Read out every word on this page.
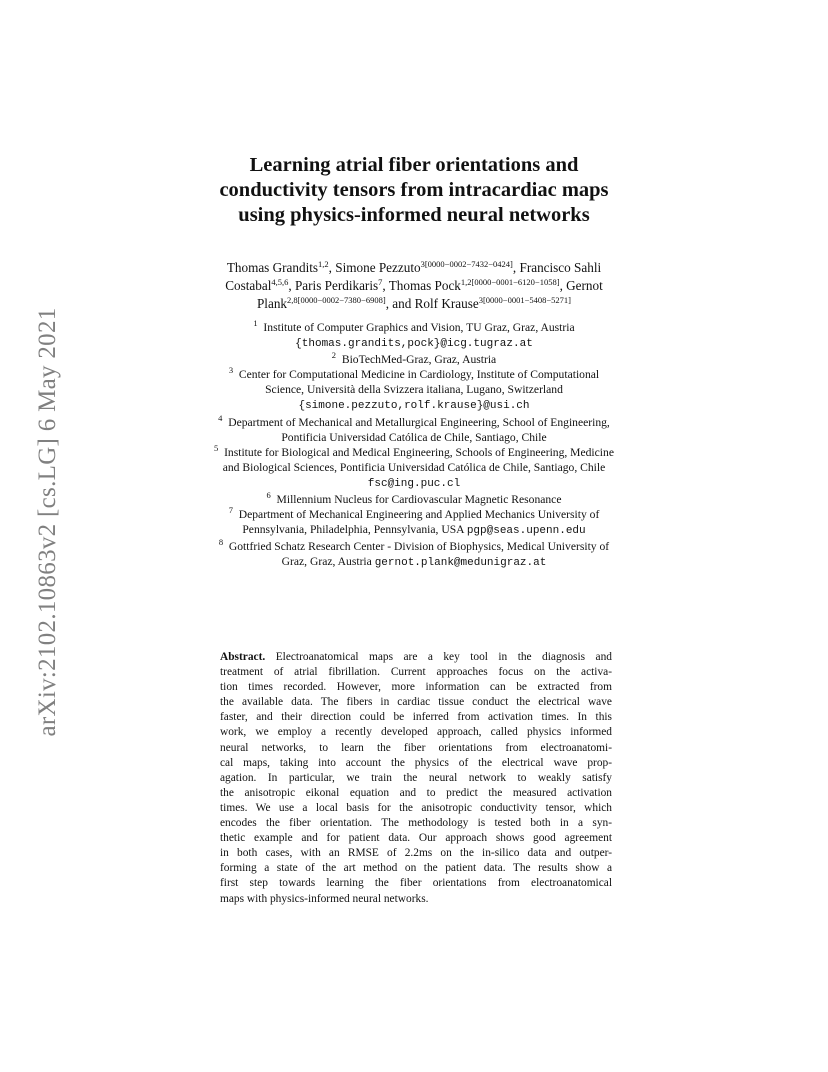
arXiv:2102.10863v2 [cs.LG] 6 May 2021
Learning atrial fiber orientations and
conductivity tensors from intracardiac maps
using physics-informed neural networks
Thomas Grandits$^{1,2}$, Simone Pezzuto$^{3[0000-0002-7432-0424]}$, Francisco Sahli
Costabal$^{4,5,6}$, Paris Perdikaris$^7$, Thomas Pock$^{1,2[0000-0001-6120-1058]}$, Gernot
Plank$^{2,8[0000-0002-7380-6908]}$, and Rolf Krause$^{3[0000-0001-5408-5271]}$
$^1$ Institute of Computer Graphics and Vision, TU Graz, Graz, Austria
{thomas.grandits,pock}@icg.tugraz.at
$^2$ BioTechMed-Graz, Graz, Austria
$^3$ Center for Computational Medicine in Cardiology, Institute of Computational
Science, Università della Svizzera italiana, Lugano, Switzerland
{simone.pezzuto,rolf.krause}@usi.ch
$^4$ Department of Mechanical and Metallurgical Engineering, School of Engineering,
Pontificia Universidad Católica de Chile, Santiago, Chile
$^5$ Institute for Biological and Medical Engineering, Schools of Engineering, Medicine
and Biological Sciences, Pontificia Universidad Católica de Chile, Santiago, Chile
fsc@ing.puc.cl
$^6$ Millennium Nucleus for Cardiovascular Magnetic Resonance
$^7$ Department of Mechanical Engineering and Applied Mechanics University of
Pennsylvania, Philadelphia, Pennsylvania, USA pgp@seas.upenn.edu
$^8$ Gottfried Schatz Research Center - Division of Biophysics, Medical University of
Graz, Graz, Austria gernot.plank@medunigraz.at
Abstract. Electroanatomical maps are a key tool in the diagnosis and
treatment of atrial fibrillation. Current approaches focus on the activa-
tion times recorded. However, more information can be extracted from
the available data. The fibers in cardiac tissue conduct the electrical wave
faster, and their direction could be inferred from activation times. In this
work, we employ a recently developed approach, called physics informed
neural networks, to learn the fiber orientations from electroanatomi-
cal maps, taking into account the physics of the electrical wave prop-
agation. In particular, we train the neural network to weakly satisfy
the anisotropic eikonal equation and to predict the measured activation
times. We use a local basis for the anisotropic conductivity tensor, which
encodes the fiber orientation. The methodology is tested both in a syn-
thetic example and for patient data. Our approach shows good agreement
in both cases, with an RMSE of 2.2ms on the in-silico data and outper-
forming a state of the art method on the patient data. The results show a
first step towards learning the fiber orientations from electroanatomical
maps with physics-informed neural networks.
